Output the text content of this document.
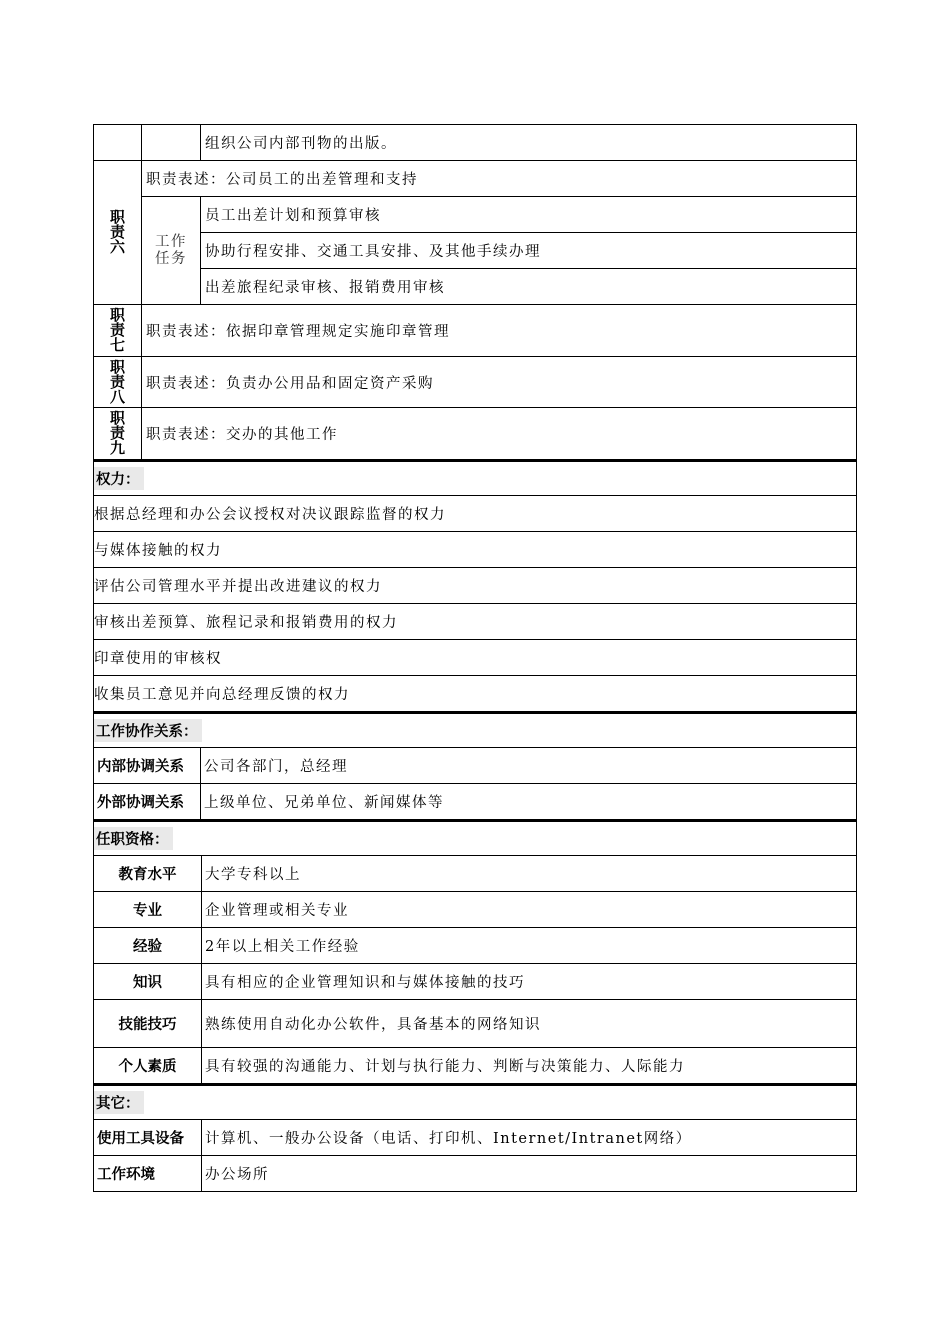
		组织公司内部刊物的出版。

职责六	职责表述：公司员工的出差管理和支持	

	工作任务	员工出差计划和预算审核
		协助行程安排、交通工具安排、及其他手续办理
		出差旅程纪录审核、报销费用审核

职责七	职责表述：依据印章管理规定实施印章管理	

职责八	职责表述：负责办公用品和固定资产采购	

职责九	职责表述：交办的其他工作	
权力：
根据总经理和办公会议授权对决议跟踪监督的权力
与媒体接触的权力
评估公司管理水平并提出改进建议的权力
审核出差预算、旅程记录和报销费用的权力
印章使用的审核权
收集员工意见并向总经理反馈的权力
工作协作关系：
内部协调关系	公司各部门，总经理
外部协调关系	上级单位、兄弟单位、新闻媒体等
任职资格：
教育水平	大学专科以上
专业	企业管理或相关专业
经验	2年以上相关工作经验
知识	具有相应的企业管理知识和与媒体接触的技巧
技能技巧	熟练使用自动化办公软件，具备基本的网络知识
个人素质	具有较强的沟通能力、计划与执行能力、判断与决策能力、人际能力
其它：
使用工具设备	计算机、一般办公设备（电话、打印机、Internet/Intranet网络）
工作环境	办公场所
